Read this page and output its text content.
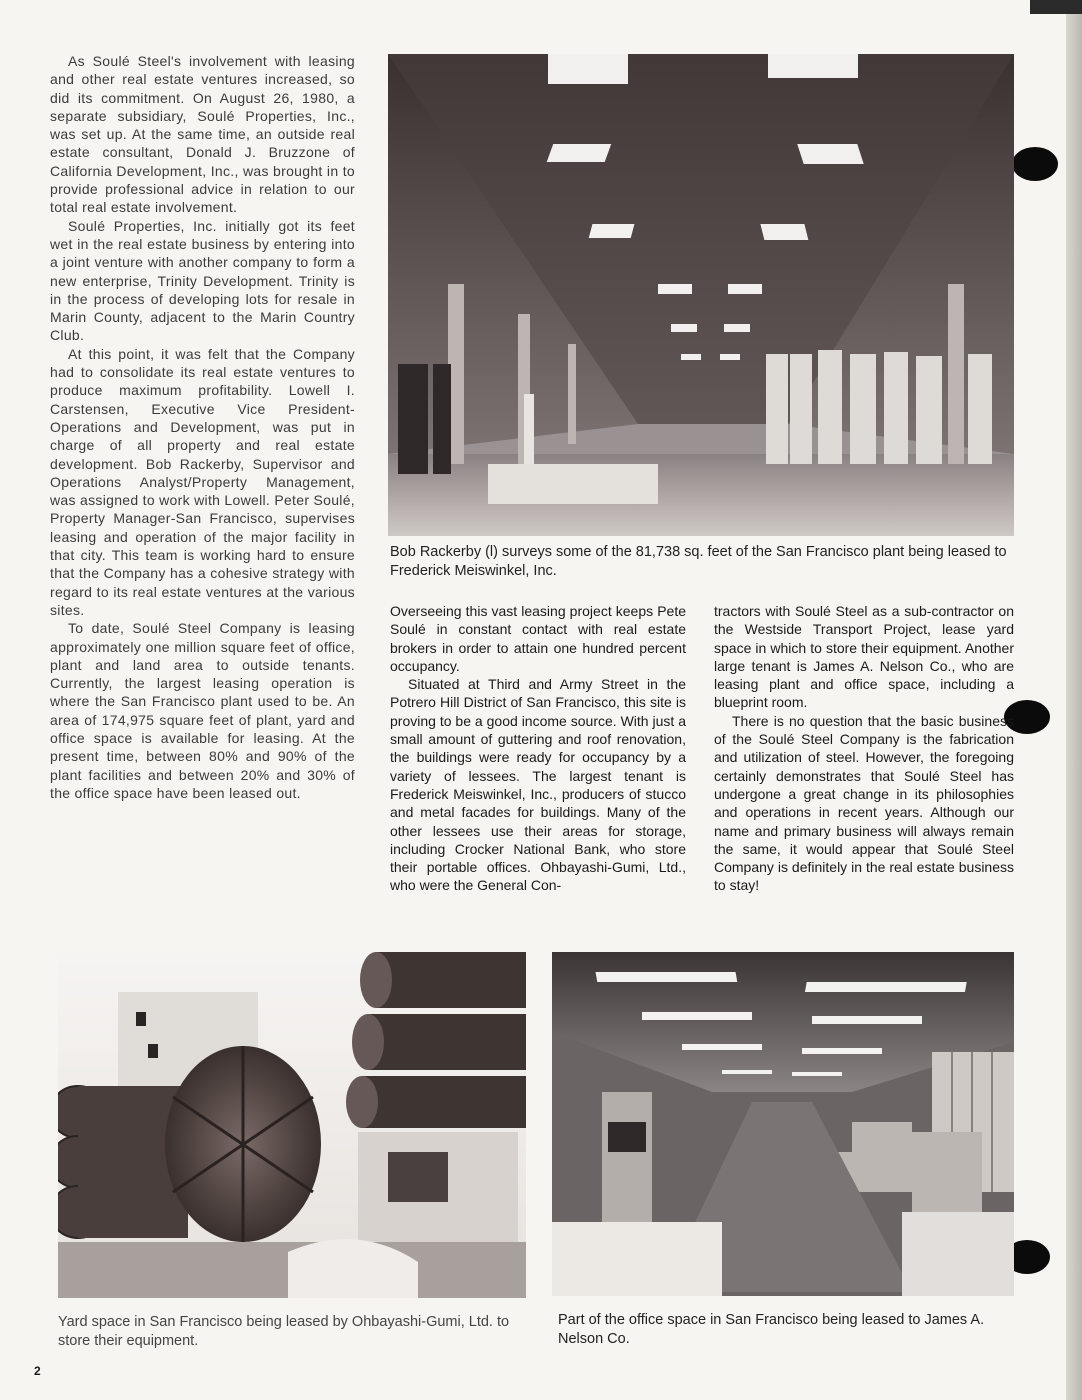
As Soulé Steel's involvement with leasing and other real estate ventures increased, so did its commitment. On August 26, 1980, a separate subsidiary, Soulé Properties, Inc., was set up. At the same time, an outside real estate consultant, Donald J. Bruzzone of California Development, Inc., was brought in to provide professional advice in relation to our total real estate involvement.

Soulé Properties, Inc. initially got its feet wet in the real estate business by entering into a joint venture with another company to form a new enterprise, Trinity Development. Trinity is in the process of developing lots for resale in Marin County, adjacent to the Marin Country Club.

At this point, it was felt that the Company had to consolidate its real estate ventures to produce maximum profitability. Lowell I. Carstensen, Executive Vice President-Operations and Development, was put in charge of all property and real estate development. Bob Rackerby, Supervisor and Operations Analyst/Property Management, was assigned to work with Lowell. Peter Soulé, Property Manager-San Francisco, supervises leasing and operation of the major facility in that city. This team is working hard to ensure that the Company has a cohesive strategy with regard to its real estate ventures at the various sites.

To date, Soulé Steel Company is leasing approximately one million square feet of office, plant and land area to outside tenants. Currently, the largest leasing operation is where the San Francisco plant used to be. An area of 174,975 square feet of plant, yard and office space is available for leasing. At the present time, between 80% and 90% of the plant facilities and between 20% and 30% of the office space have been leased out.

Bob Rackerby (l) surveys some of the 81,738 sq. feet of the San Francisco plant being leased to Frederick Meiswinkel, Inc.

Overseeing this vast leasing project keeps Pete Soulé in constant contact with real estate brokers in order to attain one hundred percent occupancy.

Situated at Third and Army Street in the Potrero Hill District of San Francisco, this site is proving to be a good income source. With just a small amount of guttering and roof renovation, the buildings were ready for occupancy by a variety of lessees. The largest tenant is Frederick Meiswinkel, Inc., producers of stucco and metal facades for buildings. Many of the other lessees use their areas for storage, including Crocker National Bank, who store their portable offices. Ohbayashi-Gumi, Ltd., who were the General Con-

tractors with Soulé Steel as a sub-contractor on the Westside Transport Project, lease yard space in which to store their equipment. Another large tenant is James A. Nelson Co., who are leasing plant and office space, including a blueprint room.

There is no question that the basic business of the Soulé Steel Company is the fabrication and utilization of steel. However, the foregoing certainly demonstrates that Soulé Steel has undergone a great change in its philosophies and operations in recent years. Although our name and primary business will always remain the same, it would appear that Soulé Steel Company is definitely in the real estate business to stay!

Yard space in San Francisco being leased by Ohbayashi-Gumi, Ltd. to store their equipment.
Part of the office space in San Francisco being leased to James A. Nelson Co.
2
